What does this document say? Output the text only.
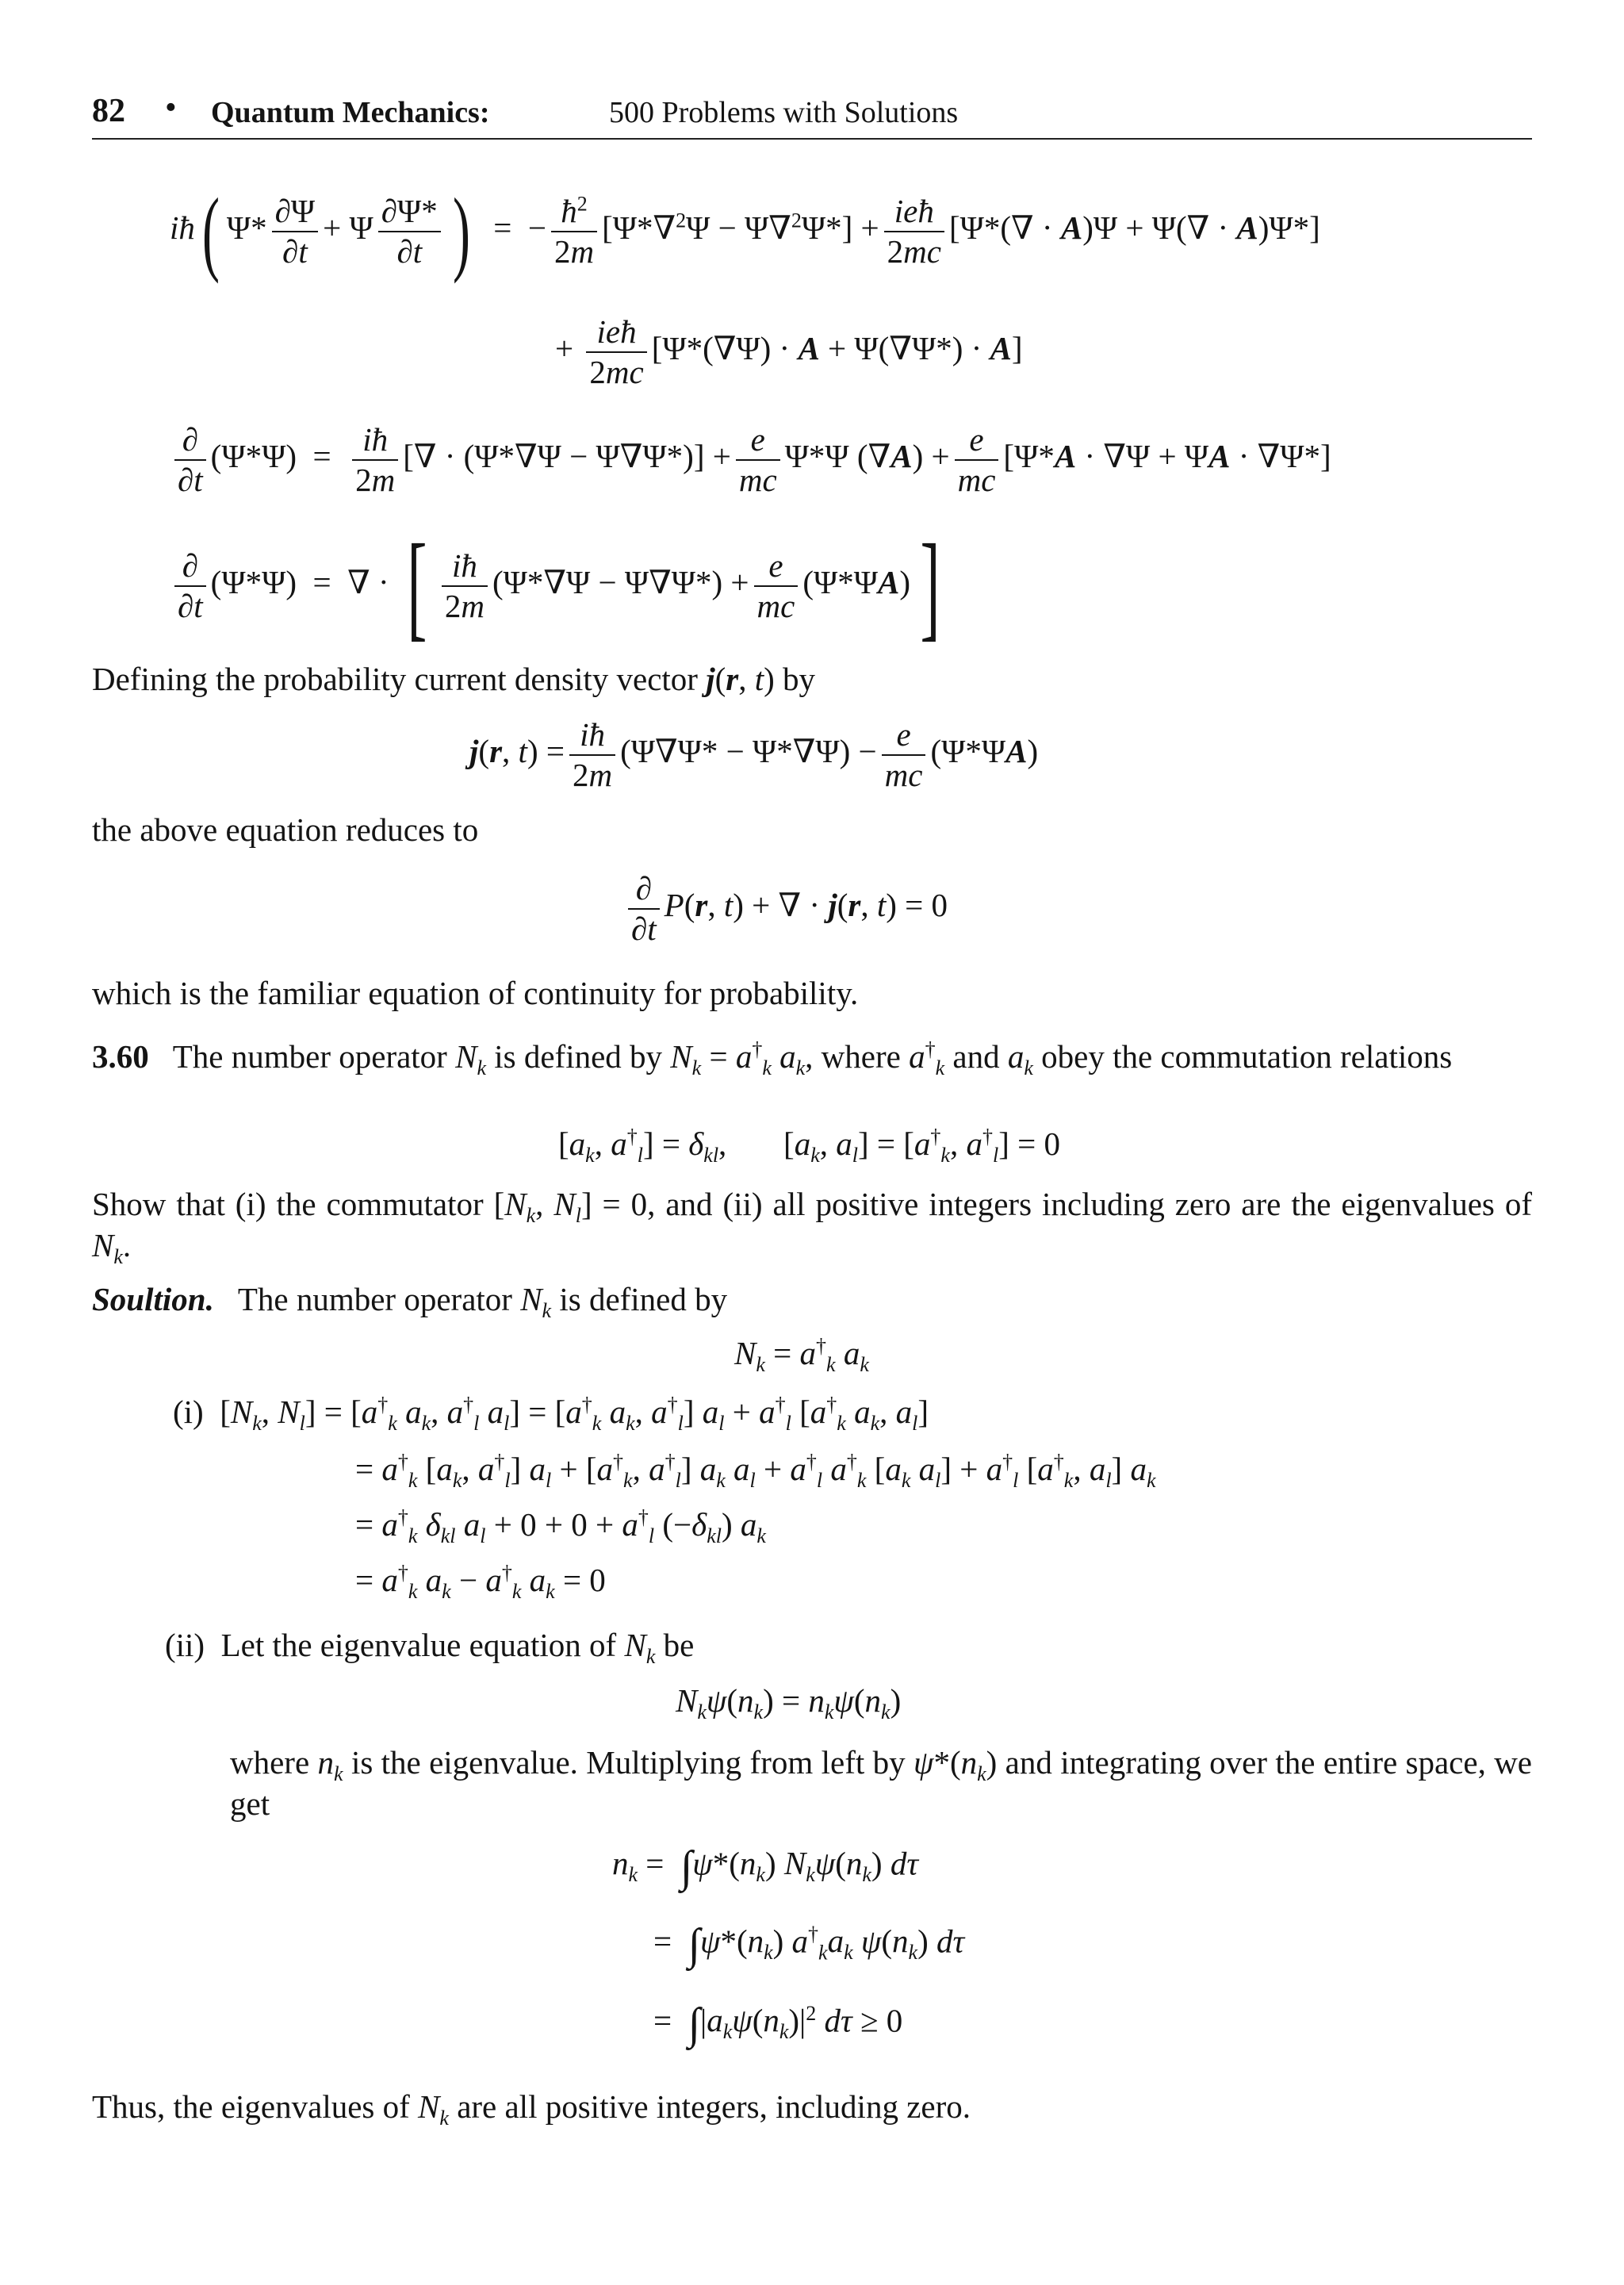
82 • Quantum Mechanics:	500 Problems with Solutions
iħ( $\Psi* \frac{\partial\Psi}{\partial t} + \Psi \frac{\partial\Psi*}{\partial t}$ )  =  − $\frac{ħ^2}{2m} [\Psi*\nabla^2\Psi - \Psi\nabla^2\Psi*] + \frac{\text{ieħ}}{2mc} [\Psi*(\nabla \cdot A)\Psi + \Psi(\nabla \cdot A)\Psi*]$
+ $\frac{\text{ieħ}}{2mc} [\Psi*(\nabla\Psi) \cdot A + \Psi(\nabla\Psi*) \cdot A]$
$\frac{\partial}{\partial t} (\Psi*\Psi) = \frac{iħ}{2m}$ [∇ · $(\Psi*\nabla\Psi - \Psi\nabla\Psi*)] + \frac{e}{mc} \Psi*\Psi$ $(\nabla A) + \frac{e}{mc} [\Psi*A \cdot \nabla\Psi + \Psi A \cdot \nabla\Psi*]$
$\frac{\partial}{\partial t} (\Psi*\Psi)$  =  ∇ · [ $\frac{iħ}{2m} (\Psi*\nabla\Psi - \Psi\nabla\Psi*) + \frac{e}{mc} (\Psi*\Psi A)$]
Defining the probability current density vector j(r, t) by
j(r, $t) = \frac{iħ}{2m} (\Psi\nabla\Psi* - \Psi*\nabla\Psi) - \frac{e}{mc} (\Psi*\Psi A)$
the above equation reduces to
$\frac{\partial}{\partial t} P(r$, t) + ∇ · j(r, t) = 0
which is the familiar equation of continuity for probability.
3.60   The number operator $N_k$ is defined by $N_k = a^\dagger_k$ $a_k$, where $a^\dagger_k$ and $a_k$ obey the commutation relations
[$a_k$, $a^\dagger_l] = \delta_{kl}$,       [$a_k$, $a_l] = [a^\dagger_k$, $a^\dagger_l] = 0$
Show that (i) the commutator [$N_k$, $N_l] = 0$, and (ii) all positive integers including zero are the eigenvalues of $N_k$.
Soultion.   The number operator $N_k$ is defined by
$N_k = a^\dagger_k$ $a_k$
(i)  [$N_k$, $N_l] = [a^\dagger_k$ $a_k$, $a^\dagger_l$ $a_l] = [a^\dagger_k$ $a_k$, $a^\dagger_l$] $a_l + a^\dagger_l$ [$a^\dagger_k$ $a_k$, $a_l$]
= $a^\dagger_k$ [$a_k$, $a^\dagger_l$] $a_l + [a^\dagger_k$, $a^\dagger_l$] $a_k$ $a_l + a^\dagger_l$ $a^\dagger_k$ [$a_k$ $a_l] + a^\dagger_l$ [$a^\dagger_k$, $a_l$] $a_k$
= $a^\dagger_k$ $\delta_{kl}$ $a_l + 0 + 0 + a^\dagger_l$ $(-\delta_{kl})$ $a_k$
= $a^\dagger_k$ $a_k - a^\dagger_k$ $a_k = 0$
(ii)  Let the eigenvalue equation of $N_k$ be
$N_k\psi(n_k) = n_k\psi(n_k)$
where $n_k$ is the eigenvalue. Multiplying from left by $\psi*(n_k)$ and integrating over the entire space, we get
$n_k = \int\psi*(n_k)$ $N_k\psi(n_k)$ dτ
=  $\int\psi*(n_k)$ $a^\dagger_ka_k$ $\psi(n_k)$ dτ
=  $\int|a_k\psi(n_k)|^2$ dτ ≥ 0
Thus, the eigenvalues of $N_k$ are all positive integers, including zero.
